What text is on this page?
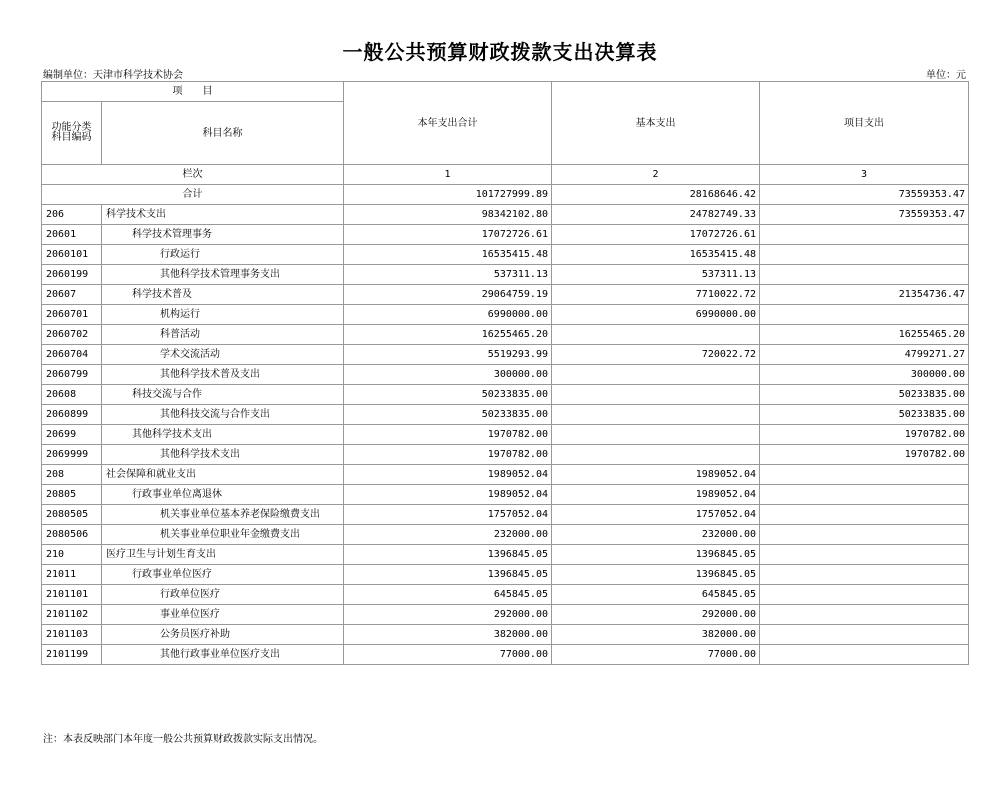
一般公共预算财政拨款支出决算表
编制单位：天津市科学技术协会	单位：元
项　　目		本年支出合计	基本支出	项目支出
功能分类科目编码	科目名称			

栏次		1	2	3
合计		101727999.89	28168646.42	73559353.47
206	科学技术支出	98342102.80	24782749.33	73559353.47
20601	科学技术管理事务	17072726.61	17072726.61	
2060101	行政运行	16535415.48	16535415.48	
2060199	其他科学技术管理事务支出	537311.13	537311.13	
20607	科学技术普及	29064759.19	7710022.72	21354736.47
2060701	机构运行	6990000.00	6990000.00	
2060702	科普活动	16255465.20		16255465.20
2060704	学术交流活动	5519293.99	720022.72	4799271.27
2060799	其他科学技术普及支出	300000.00		300000.00
20608	科技交流与合作	50233835.00		50233835.00
2060899	其他科技交流与合作支出	50233835.00		50233835.00
20699	其他科学技术支出	1970782.00		1970782.00
2069999	其他科学技术支出	1970782.00		1970782.00
208	社会保障和就业支出	1989052.04	1989052.04	
20805	行政事业单位离退休	1989052.04	1989052.04	
2080505	机关事业单位基本养老保险缴费支出	1757052.04	1757052.04	
2080506	机关事业单位职业年金缴费支出	232000.00	232000.00	
210	医疗卫生与计划生育支出	1396845.05	1396845.05	
21011	行政事业单位医疗	1396845.05	1396845.05	
2101101	行政单位医疗	645845.05	645845.05	
2101102	事业单位医疗	292000.00	292000.00	
2101103	公务员医疗补助	382000.00	382000.00	
2101199	其他行政事业单位医疗支出	77000.00	77000.00	
注：本表反映部门本年度一般公共预算财政拨款实际支出情况。
